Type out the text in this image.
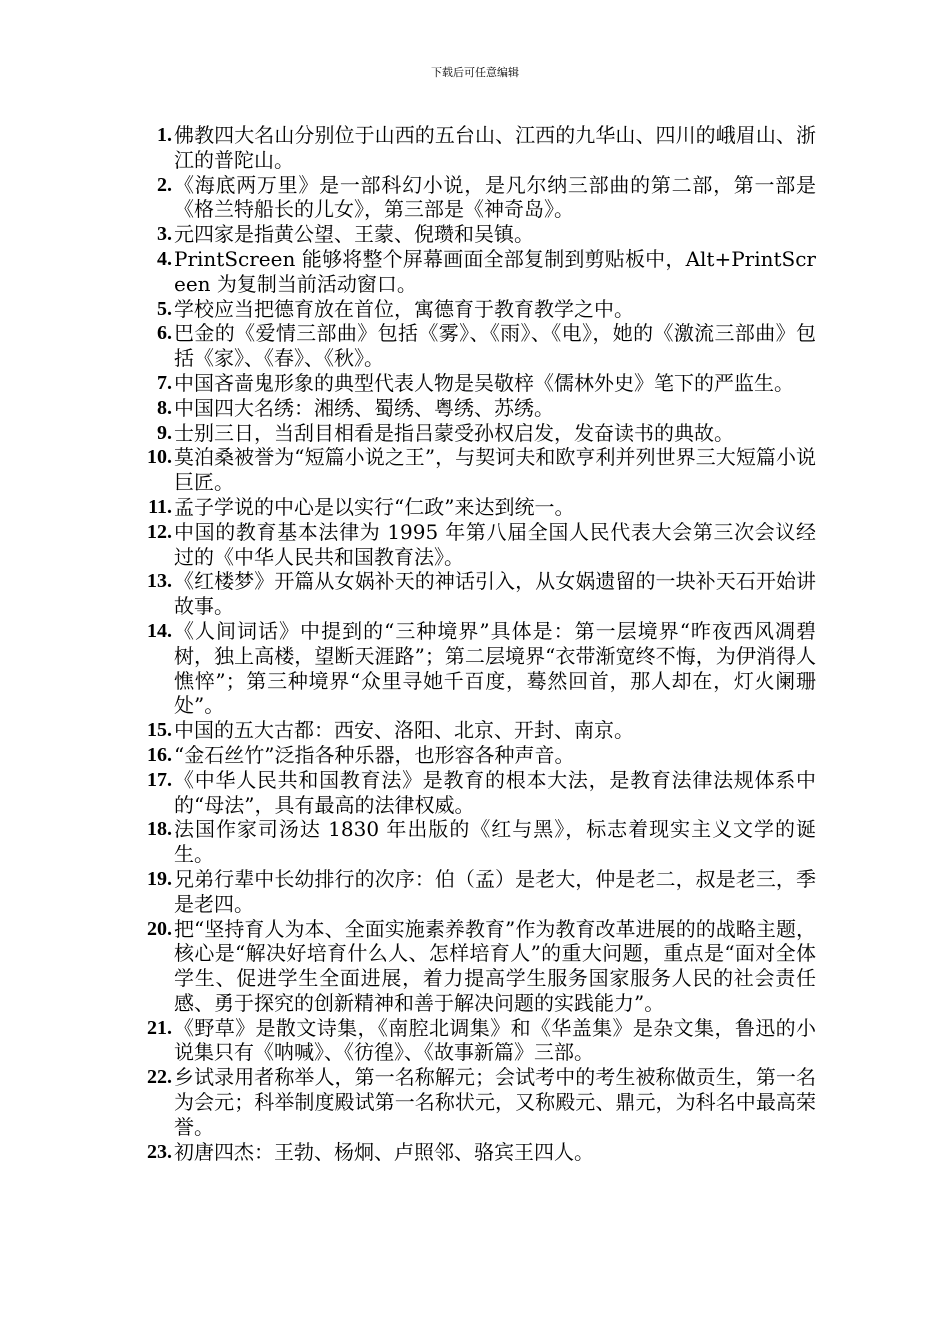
下载后可任意编辑
1. 佛教四大名山分别位于山西的五台山、江西的九华山、四川的峨眉山、浙江的普陀山。
2. 《海底两万里》是一部科幻小说，是凡尔纳三部曲的第二部，第一部是《格兰特船长的儿女》，第三部是《神奇岛》。
3. 元四家是指黄公望、王蒙、倪瓒和吴镇。
4. PrintScreen 能够将整个屏幕画面全部复制到剪贴板中，Alt+PrintScreen 为复制当前活动窗口。
5. 学校应当把德育放在首位，寓德育于教育教学之中。
6. 巴金的《爱情三部曲》包括《雾》、《雨》、《电》，她的《激流三部曲》包括《家》、《春》、《秋》。
7. 中国吝啬鬼形象的典型代表人物是吴敬梓《儒林外史》笔下的严监生。
8. 中国四大名绣：湘绣、蜀绣、粤绣、苏绣。
9. 士别三日，当刮目相看是指吕蒙受孙权启发，发奋读书的典故。
10. 莫泊桑被誉为“短篇小说之王”，与契诃夫和欧亨利并列世界三大短篇小说巨匠。
11. 孟子学说的中心是以实行“仁政”来达到统一。
12. 中国的教育基本法律为 1995 年第八届全国人民代表大会第三次会议经过的《中华人民共和国教育法》。
13. 《红楼梦》开篇从女娲补天的神话引入，从女娲遗留的一块补天石开始讲故事。
14. 《人间词话》中提到的“三种境界”具体是：第一层境界“昨夜西风凋碧树，独上高楼，望断天涯路”；第二层境界“衣带渐宽终不悔，为伊消得人憔悴”；第三种境界“众里寻她千百度，蓦然回首，那人却在，灯火阑珊处”。
15. 中国的五大古都：西安、洛阳、北京、开封、南京。
16. “金石丝竹”泛指各种乐器，也形容各种声音。
17. 《中华人民共和国教育法》是教育的根本大法，是教育法律法规体系中的“母法”，具有最高的法律权威。
18. 法国作家司汤达 1830 年出版的《红与黑》，标志着现实主义文学的诞生。
19. 兄弟行辈中长幼排行的次序：伯（孟）是老大，仲是老二，叔是老三，季是老四。
20. 把“坚持育人为本、全面实施素养教育”作为教育改革进展的的战略主题，核心是“解决好培育什么人、怎样培育人”的重大问题，重点是“面对全体学生、促进学生全面进展，着力提高学生服务国家服务人民的社会责任感、勇于探究的创新精神和善于解决问题的实践能力”。
21. 《野草》是散文诗集，《南腔北调集》和《华盖集》是杂文集，鲁迅的小说集只有《呐喊》、《彷徨》、《故事新篇》三部。
22. 乡试录用者称举人，第一名称解元；会试考中的考生被称做贡生，第一名为会元；科举制度殿试第一名称状元，又称殿元、鼎元，为科名中最高荣誉。
23. 初唐四杰：王勃、杨炯、卢照邻、骆宾王四人。
